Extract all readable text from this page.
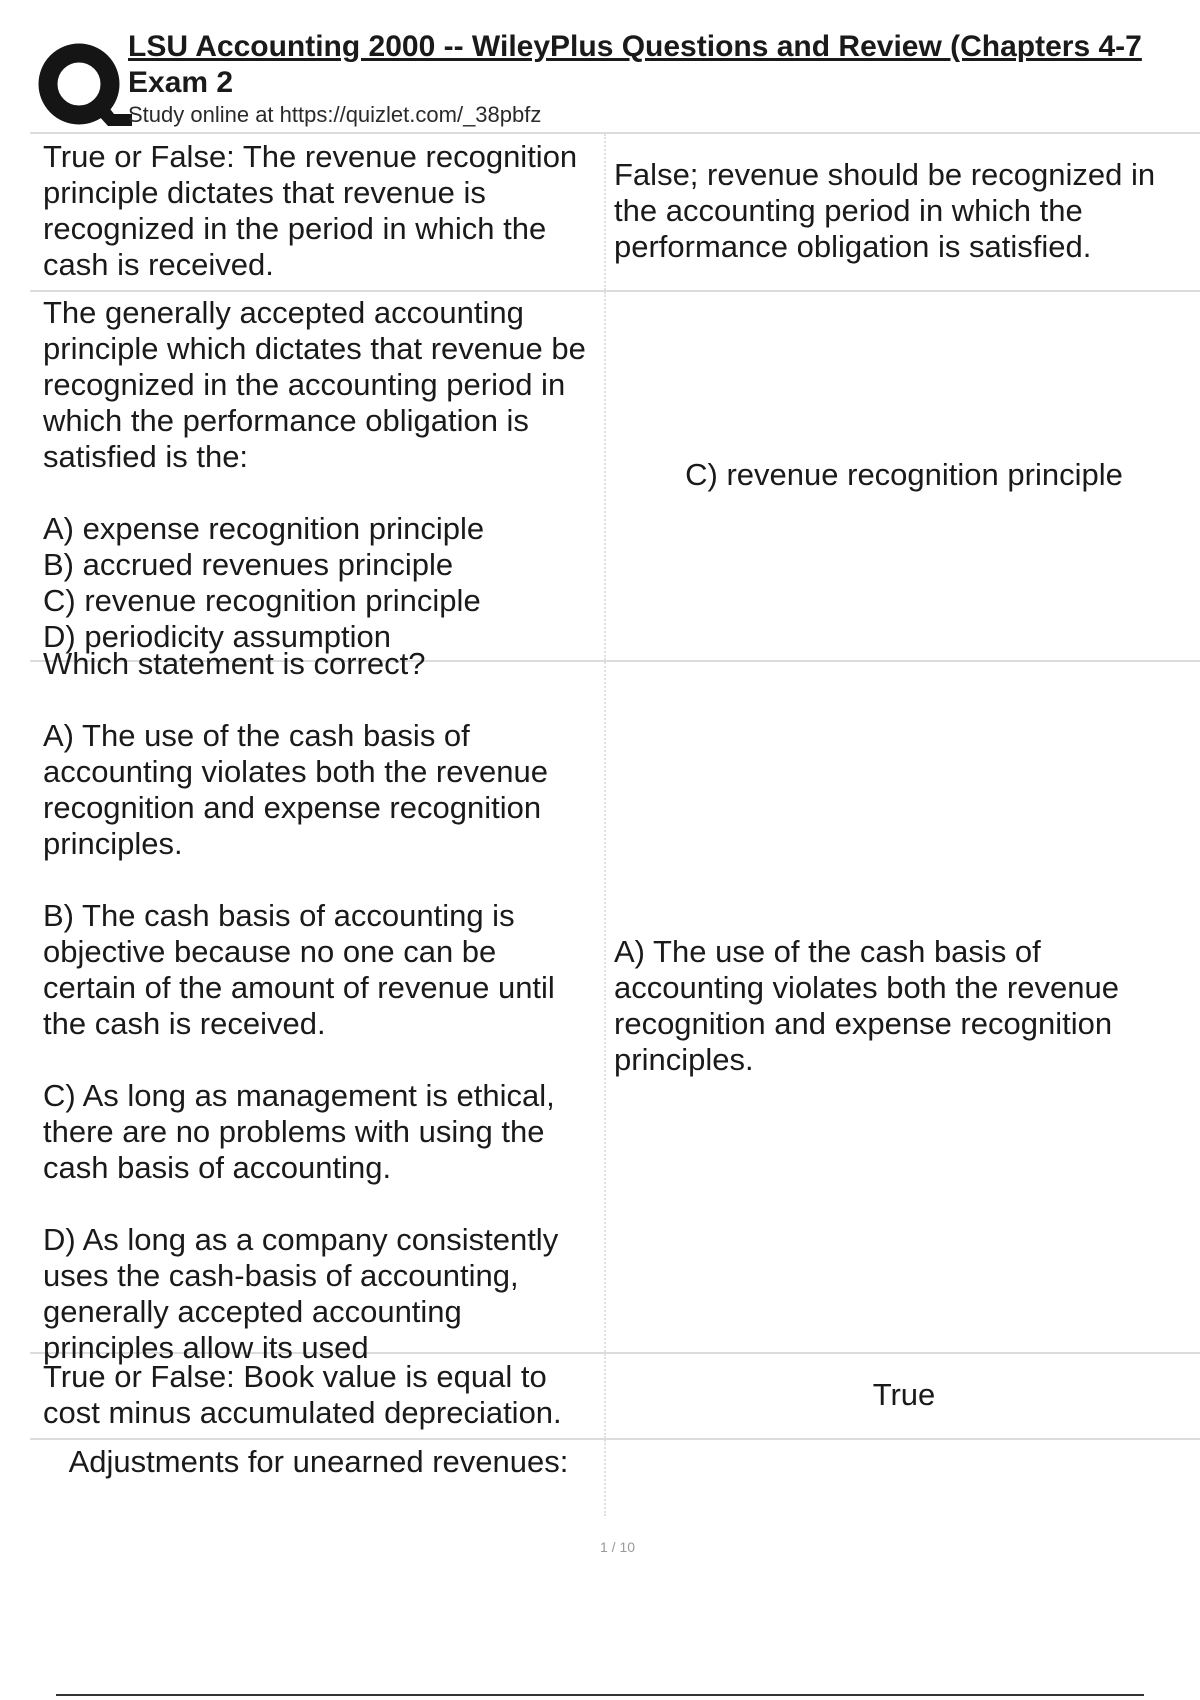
LSU Accounting 2000 -- WileyPlus Questions and Review (Chapters 4-7
Exam 2
Study online at https://quizlet.com/_38pbfz
True or False: The revenue recognition principle dictates that revenue is recognized in the period in which the cash is received.
False; revenue should be recognized in the accounting period in which the performance obligation is satisfied.
The generally accepted accounting principle which dictates that revenue be recognized in the accounting period in which the performance obligation is satisfied is the:

A) expense recognition principle
B) accrued revenues principle
C) revenue recognition principle
D) periodicity assumption
C) revenue recognition principle
Which statement is correct?

A) The use of the cash basis of accounting violates both the revenue recognition and expense recognition principles.

B) The cash basis of accounting is objective because no one can be certain of the amount of revenue until the cash is received.

C) As long as management is ethical, there are no problems with using the cash basis of accounting.

D) As long as a company consistently uses the cash-basis of accounting, generally accepted accounting principles allow its used
A) The use of the cash basis of accounting violates both the revenue recognition and expense recognition principles.
True or False: Book value is equal to cost minus accumulated depreciation.
True
Adjustments for unearned revenues:
1 / 10
